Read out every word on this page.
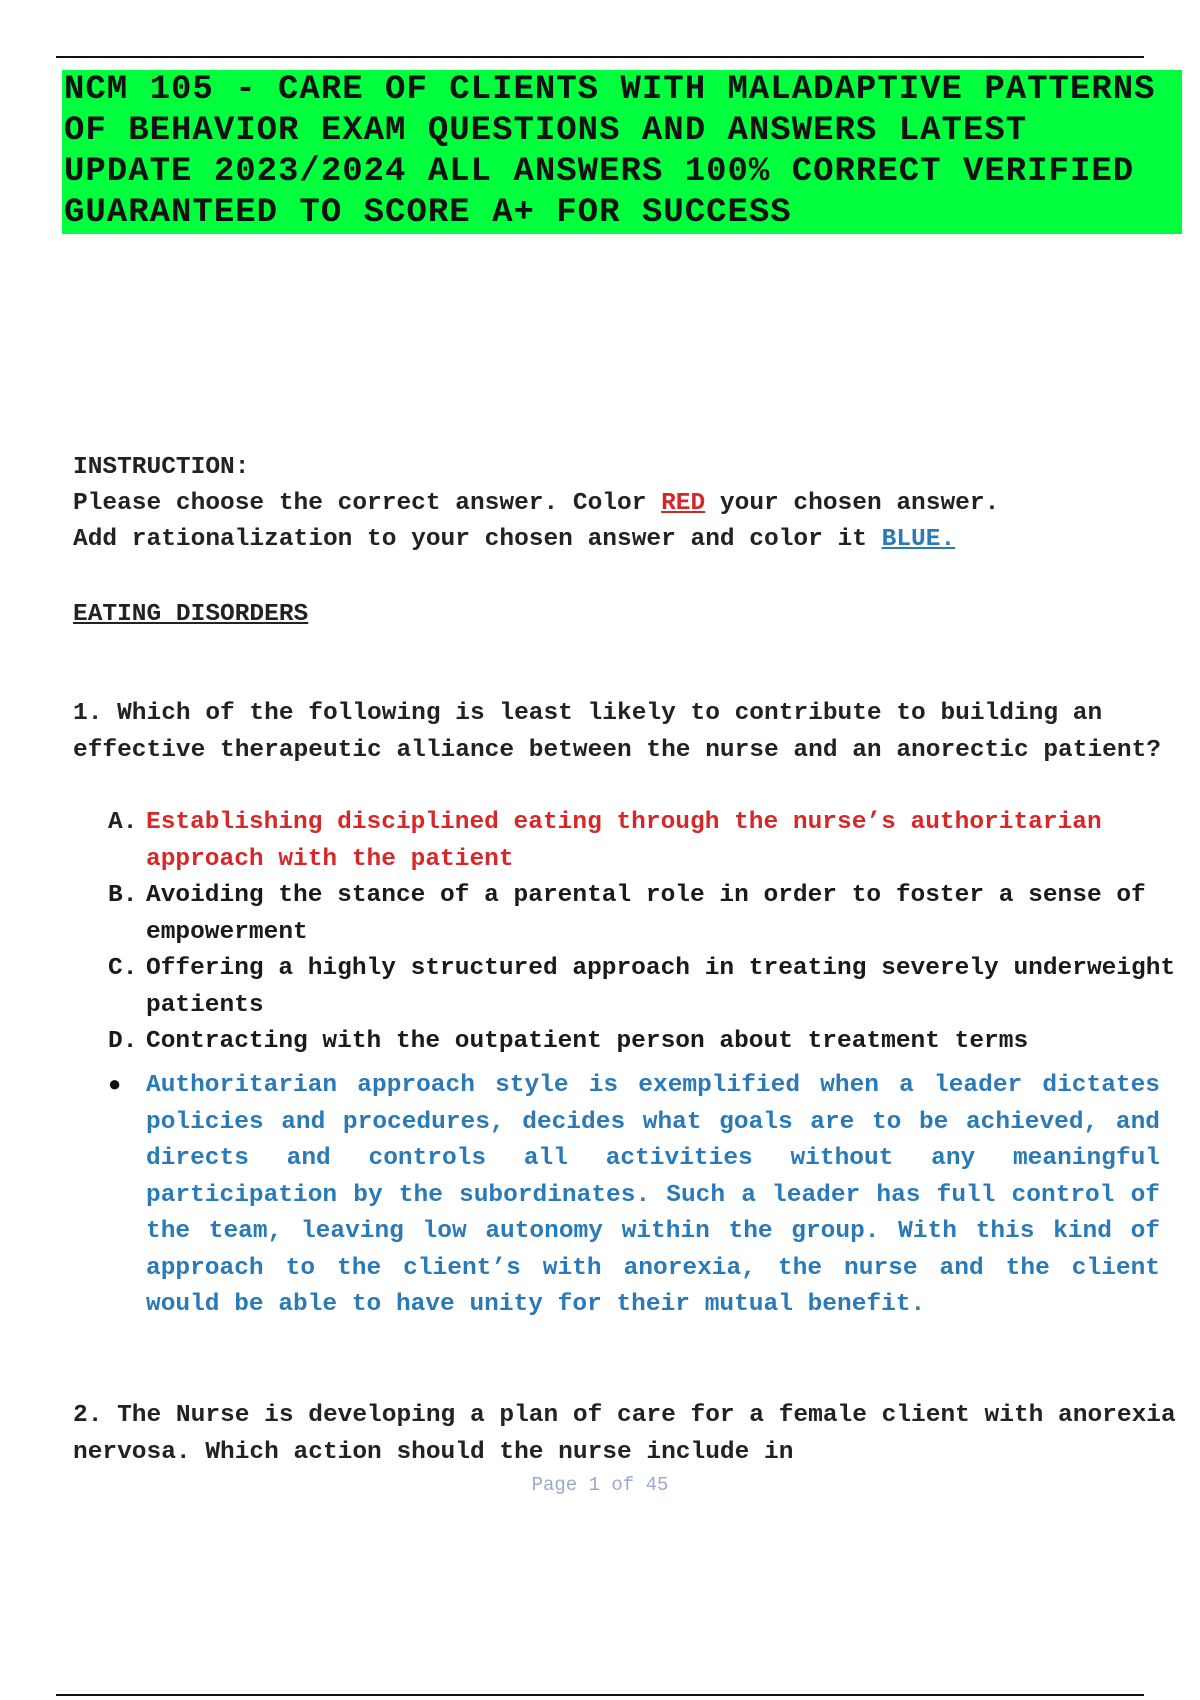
NCM 105 - CARE OF CLIENTS WITH MALADAPTIVE PATTERNS
OF BEHAVIOR EXAM QUESTIONS AND ANSWERS LATEST
UPDATE 2023/2024 ALL ANSWERS 100% CORRECT VERIFIED
GUARANTEED TO SCORE A+ FOR SUCCESS
INSTRUCTION:
Please choose the correct answer. Color RED your chosen answer.
Add rationalization to your chosen answer and color it BLUE.
EATING DISORDERS
1. Which of the following is least likely to contribute to building an effective therapeutic alliance between the nurse and an anorectic patient?
A. Establishing disciplined eating through the nurse’s authoritarian approach with the patient
B. Avoiding the stance of a parental role in order to foster a sense of empowerment
C. Offering a highly structured approach in treating severely underweight patients
D. Contracting with the outpatient person about treatment terms
●	Authoritarian approach style is exemplified when a leader dictates policies and procedures, decides what goals are to be achieved, and directs and controls all activities without any meaningful participation by the subordinates. Such a leader has full control of the team, leaving low autonomy within the group. With this kind of approach to the client’s with anorexia, the nurse and the client would be able to have unity for their mutual benefit.
2. The Nurse is developing a plan of care for a female client with anorexia nervosa. Which action should the nurse include in
Page 1 of 45
